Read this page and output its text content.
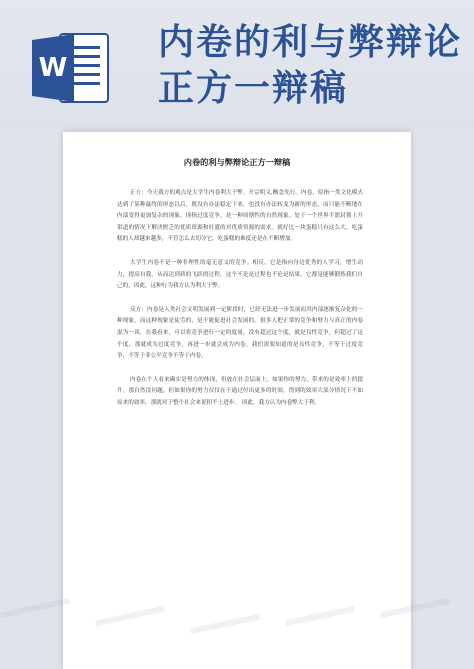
W
内卷的利与弊辩论
正方一辩稿
内卷的利与弊辩论正方一辩稿

正方：今天我方的观点是大学生内卷利大于弊。开宗明义,概念先行。内卷，原指一类文化模式达到了某种最终的形态以后，既没有办法稳定下来，也没有办法转变为新的形态，而只能不断地在内部变得更加复杂的现象。现指过度竞争，是一种周期性的自然现象。处于一个世界不愿封锁上升渠道的情况下解决匮乏的优质资源和旺盛的对优质资源的需求。就好比一块蛋糕只有这么大，吃蛋糕的人却越来越多，不管怎么去切分它，吃蛋糕的难度还是在不断增加。

大学生内卷不是一种非理性的毫无意义的竞争。相反，它是指向身边优秀的人学习，增生动力，提高自我。从而达到质的飞跃的过程，这个不论是过程也不论是结果，它都是能够锻炼我们自己的。因此，这种行为我方认为利大于弊。

反方：内卷是人类社会文明发展到一定阶段时，已经无法进一步发展而其内部逐渐复杂化的一种现象。而这种现象是徒劳的，是不能促进社会发展的。很多人把正常的竞争和努力与真正的内卷混为一谈，在我看来，可以将竞争进行一定的度量，没有超过这个度，就是良性竞争。但超过了这个度，那就成为过度竞争，再进一步就会成为内卷。我们需要知道的是良性竞争，不等于过度竞争，不等于非公平竞争不等于内卷。

内卷在个人看来确实是努力的体现，但放在社会层面上，如果你的努力，带来的是效率上的提升，那自然没问题，但如果你的努力仅仅在于通过付出更多的时间，得到的效率大部分情况下不如原来的效率，那就对于整个社会来说积不上进步。 因此，我方认为内卷弊大于利。
